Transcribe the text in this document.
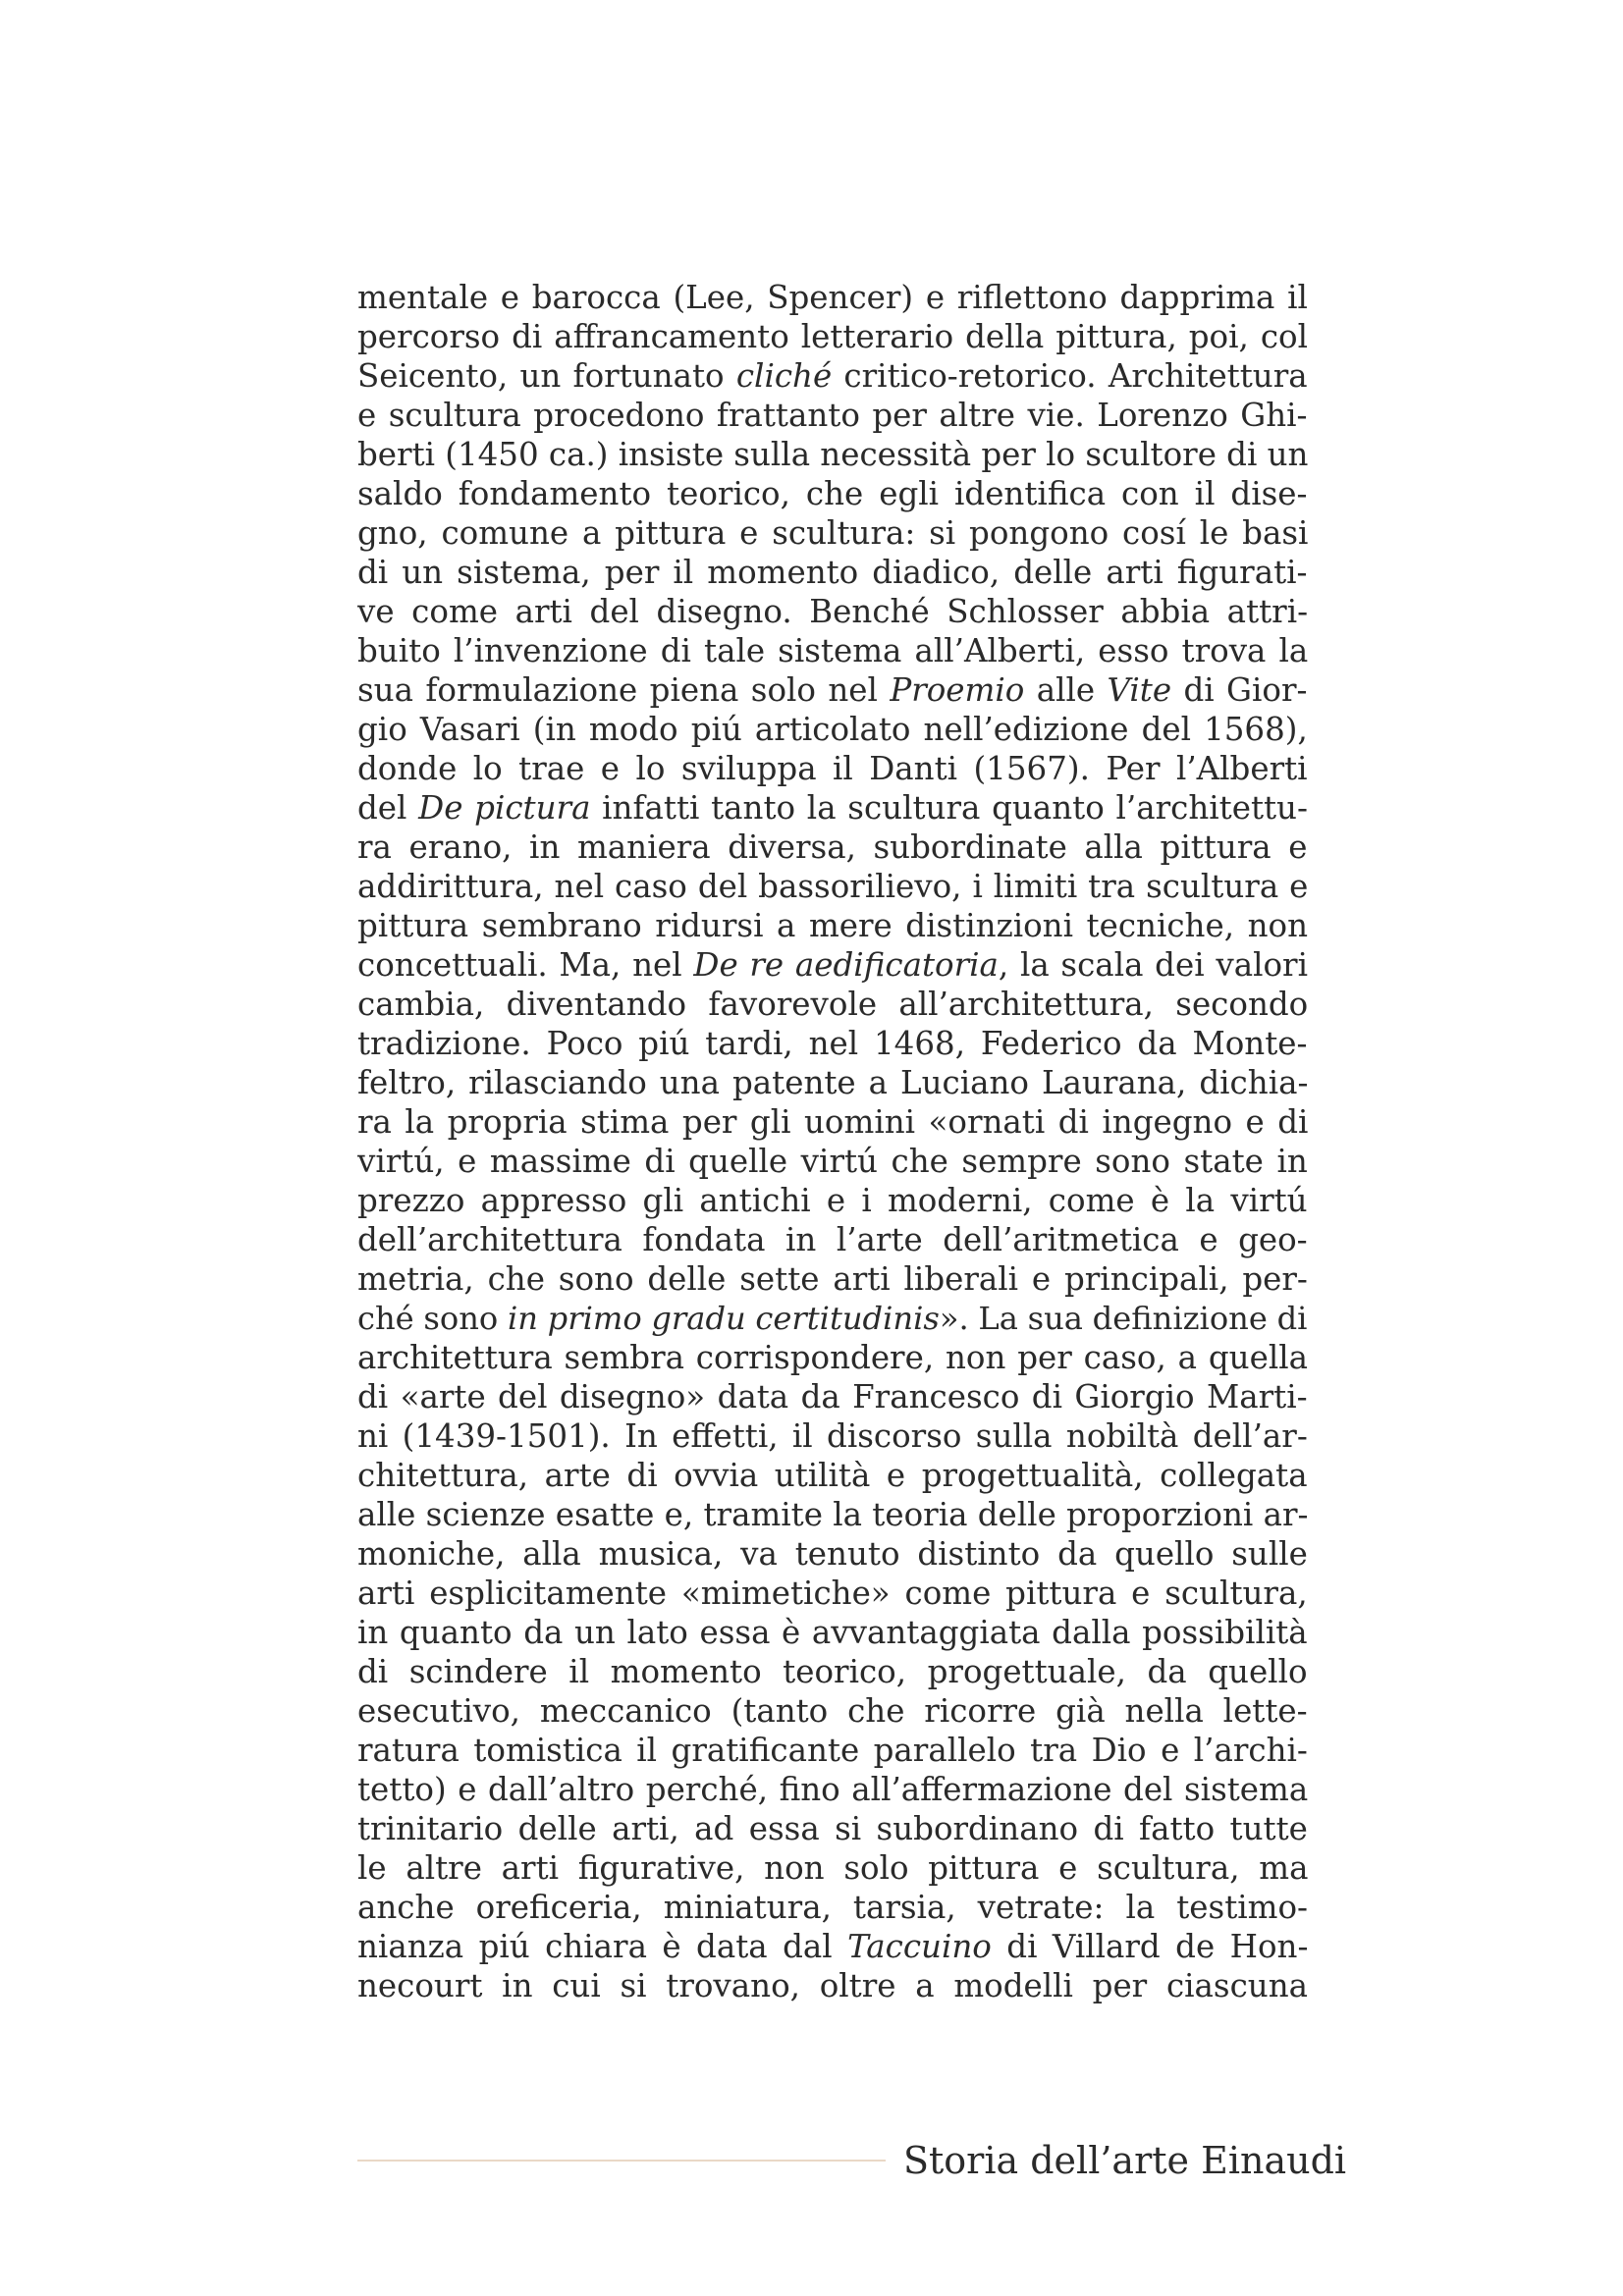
mentale e barocca (Lee, Spencer) e riflettono dapprima il
percorso di affrancamento letterario della pittura, poi, col
Seicento, un fortunato cliché critico-retorico. Architettura
e scultura procedono frattanto per altre vie. Lorenzo Ghi-
berti (1450 ca.) insiste sulla necessità per lo scultore di un
saldo fondamento teorico, che egli identifica con il dise-
gno, comune a pittura e scultura: si pongono cosí le basi
di un sistema, per il momento diadico, delle arti figurati-
ve come arti del disegno. Benché Schlosser abbia attri-
buito l’invenzione di tale sistema all’Alberti, esso trova la
sua formulazione piena solo nel Proemio alle Vite di Gior-
gio Vasari (in modo piú articolato nell’edizione del 1568),
donde lo trae e lo sviluppa il Danti (1567). Per l’Alberti
del De pictura infatti tanto la scultura quanto l’architettu-
ra erano, in maniera diversa, subordinate alla pittura e
addirittura, nel caso del bassorilievo, i limiti tra scultura e
pittura sembrano ridursi a mere distinzioni tecniche, non
concettuali. Ma, nel De re aedificatoria, la scala dei valori
cambia, diventando favorevole all’architettura, secondo
tradizione. Poco piú tardi, nel 1468, Federico da Monte-
feltro, rilasciando una patente a Luciano Laurana, dichia-
ra la propria stima per gli uomini «ornati di ingegno e di
virtú, e massime di quelle virtú che sempre sono state in
prezzo appresso gli antichi e i moderni, come è la virtú
dell’architettura fondata in l’arte dell’aritmetica e geo-
metria, che sono delle sette arti liberali e principali, per-
ché sono in primo gradu certitudinis». La sua definizione di
architettura sembra corrispondere, non per caso, a quella
di «arte del disegno» data da Francesco di Giorgio Marti-
ni (1439-1501). In effetti, il discorso sulla nobiltà dell’ar-
chitettura, arte di ovvia utilità e progettualità, collegata
alle scienze esatte e, tramite la teoria delle proporzioni ar-
moniche, alla musica, va tenuto distinto da quello sulle
arti esplicitamente «mimetiche» come pittura e scultura,
in quanto da un lato essa è avvantaggiata dalla possibilità
di scindere il momento teorico, progettuale, da quello
esecutivo, meccanico (tanto che ricorre già nella lette-
ratura tomistica il gratificante parallelo tra Dio e l’archi-
tetto) e dall’altro perché, fino all’affermazione del sistema
trinitario delle arti, ad essa si subordinano di fatto tutte
le altre arti figurative, non solo pittura e scultura, ma
anche oreficeria, miniatura, tarsia, vetrate: la testimo-
nianza piú chiara è data dal Taccuino di Villard de Hon-
necourt in cui si trovano, oltre a modelli per ciascuna
Storia dell’arte Einaudi
